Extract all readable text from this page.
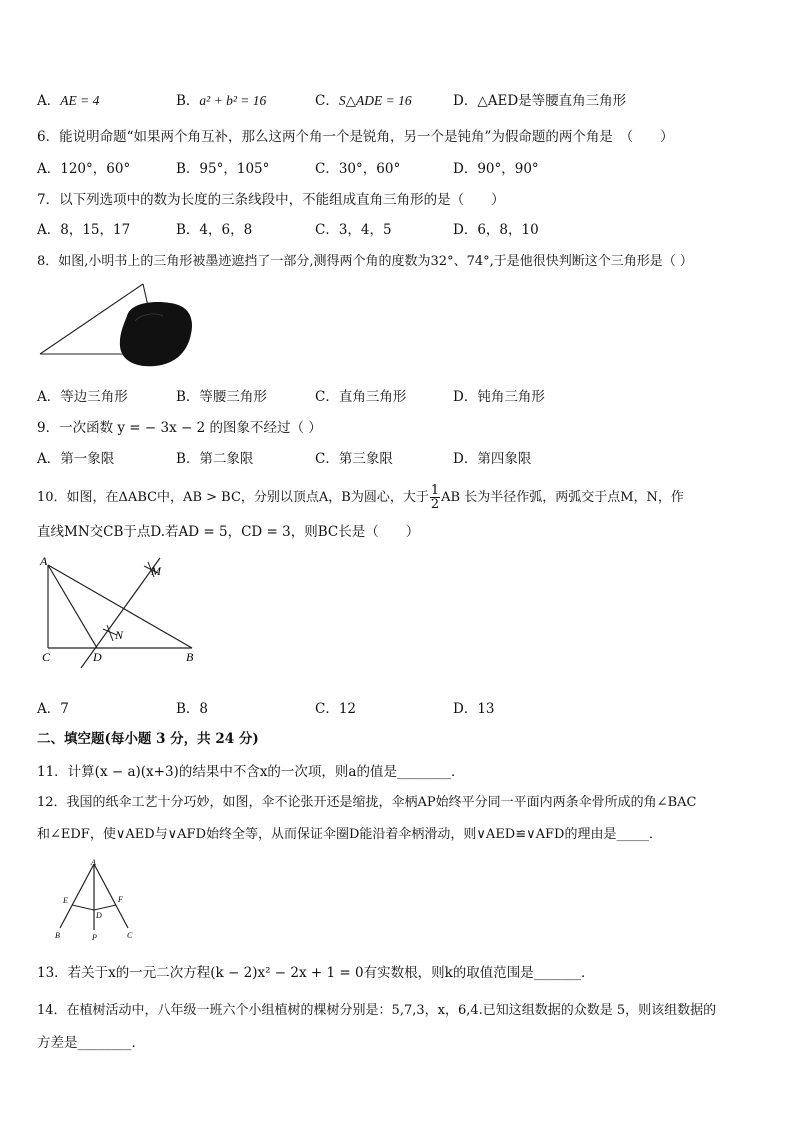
A．AE = 4	B．a² + b² = 16	C．S△ADE = 16	D．△AED是等腰直角三角形
6．能说明命题“如果两个角互补，那么这两个角一个是锐角，另一个是钝角”为假命题的两个角是　（　　）
A．120°，60°	B．95°，105°	C．30°，60°	D．90°，90°
7．以下列选项中的数为长度的三条线段中，不能组成直角三角形的是（　　）
A．8，15，17	B．4，6，8	C．3，4，5	D．6，8，10
8．如图,小明书上的三角形被墨迹遮挡了一部分,测得两个角的度数为32°、74°,于是他很快判断这个三角形是（ ）
A．等边三角形	B．等腰三角形	C．直角三角形	D．钝角三角形
9．一次函数 y = − 3x − 2 的图象不经过（ ）
A．第一象限	B．第二象限	C．第三象限	D．第四象限
10．如图，在ΔABC中，AB > BC，分别以顶点A，B为圆心，大于 $\frac{1}{2}$ AB 长为半径作弧，两弧交于点M，N，作
直线MN交CB于点D.若AD = 5，CD = 3，则BC长是（　　）
A
M
N
C	D	B
A．7	B．8	C．12	D．13
二、填空题(每小题 3 分，共 24 分)
11．计算(x − a)(x+3)的结果中不含x的一次项，则a的值是________．
12．我国的纸伞工艺十分巧妙，如图，伞不论张开还是缩拢，伞柄AP始终平分同一平面内两条伞骨所成的角∠BAC
和∠EDF，使∨AED与∨AFD始终全等，从而保证伞圈D能沿着伞柄滑动，则∨AED≌∨AFD的理由是_____．
A
E	F
D
B	P	C
13．若关于x的一元二次方程(k − 2)x² − 2x + 1 = 0有实数根，则k的取值范围是_______．
14．在植树活动中，八年级一班六个小组植树的棵树分别是：5,7,3，x，6,4.已知这组数据的众数是 5，则该组数据的
方差是________．
